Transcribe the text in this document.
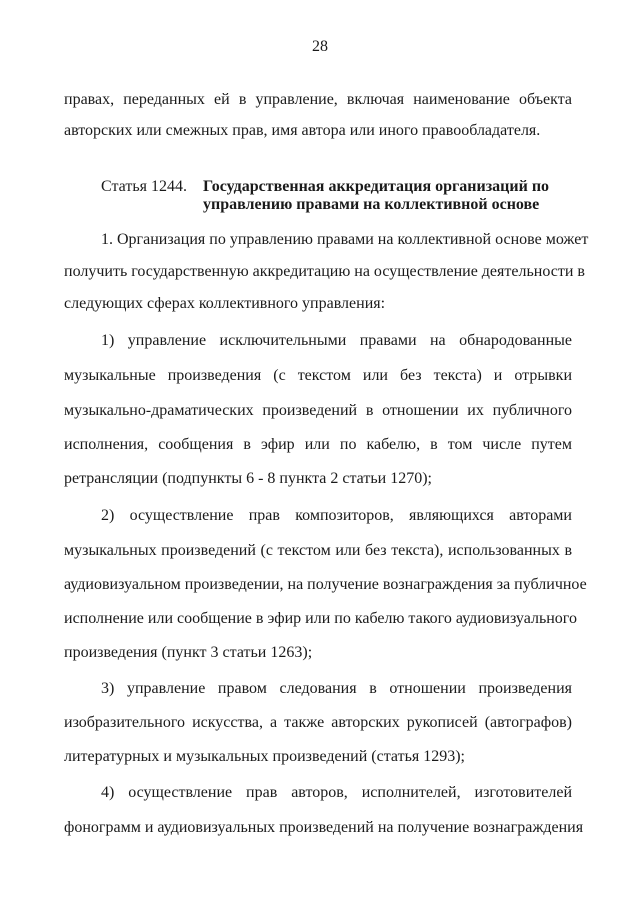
28
правах, переданных ей в управление, включая наименование объекта
авторских или смежных прав, имя автора или иного правообладателя.
Статья 1244. Государственная аккредитация организаций по
управлению правами на коллективной основе
1. Организация по управлению правами на коллективной основе может
получить государственную аккредитацию на осуществление деятельности в
следующих сферах коллективного управления:
1) управление исключительными правами на обнародованные
музыкальные произведения (с текстом или без текста) и отрывки
музыкально-драматических произведений в отношении их публичного
исполнения, сообщения в эфир или по кабелю, в том числе путем
ретрансляции (подпункты 6 - 8 пункта 2 статьи 1270);
2) осуществление прав композиторов, являющихся авторами
музыкальных произведений (с текстом или без текста), использованных в
аудиовизуальном произведении, на получение вознаграждения за публичное
исполнение или сообщение в эфир или по кабелю такого аудиовизуального
произведения (пункт 3 статьи 1263);
3) управление правом следования в отношении произведения
изобразительного искусства, а также авторских рукописей (автографов)
литературных и музыкальных произведений (статья 1293);
4) осуществление прав авторов, исполнителей, изготовителей
фонограмм и аудиовизуальных произведений на получение вознаграждения
